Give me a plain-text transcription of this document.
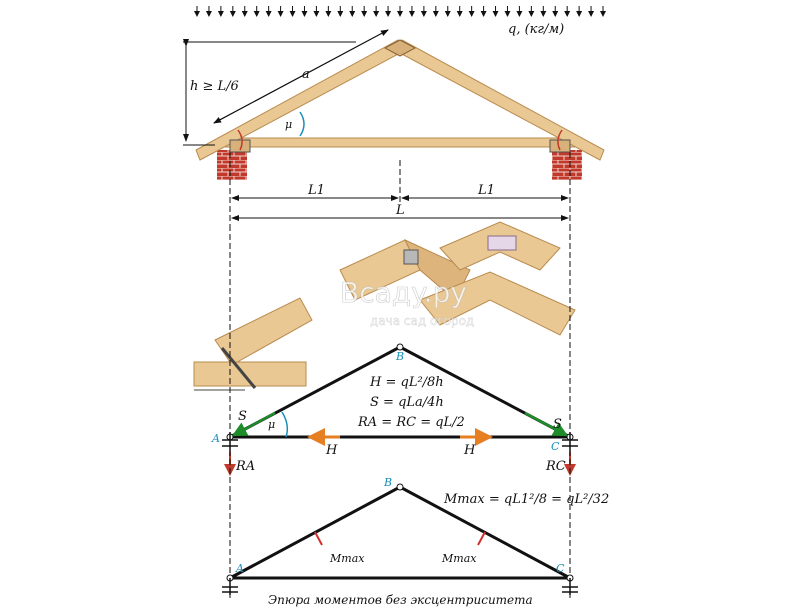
q, (кг/м)
μ
h ≥ L/6
a
L1	L1
L
Всадy.ру
дача сад огород
B
A
C
S
S
H	H
μ
RA	RC
H = qL²/8h
S = qLa/4h
RA = RC = qL/2
B
A	C
Mmax = qL1²/8 = qL²/32
Mmax	Mmax
Эпюра моментов без эксцентриситета
